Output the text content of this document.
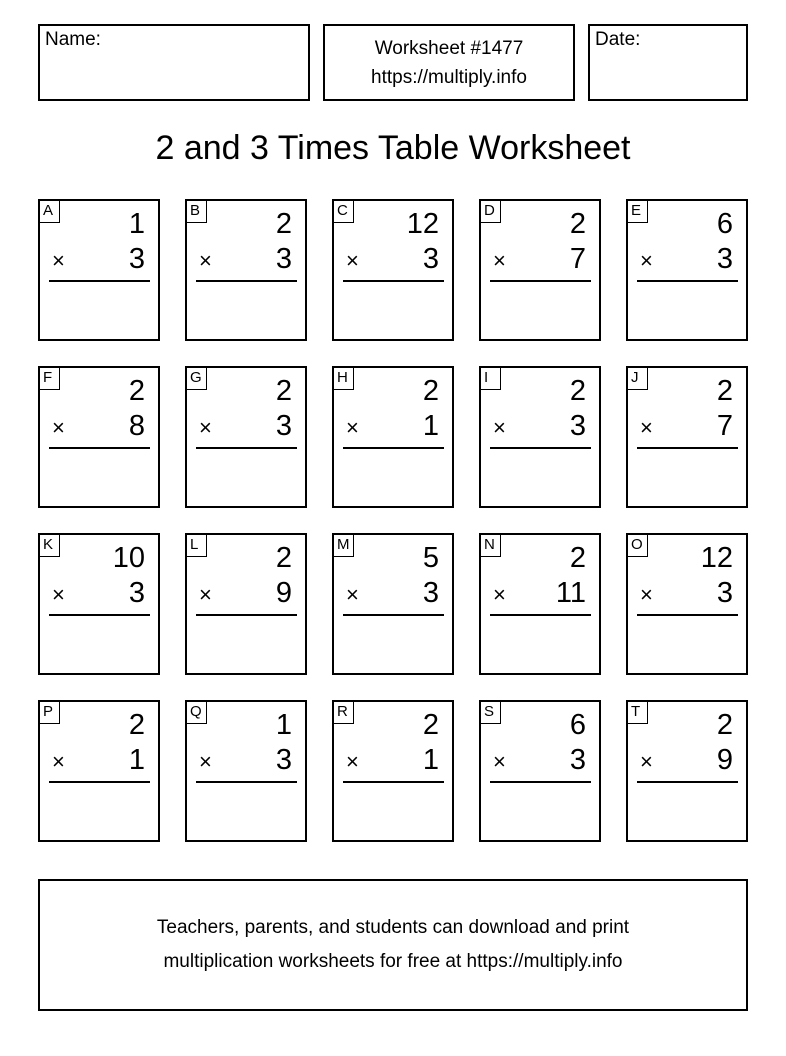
Name:	Worksheet #1477
https://multiply.info
Date:
2 and 3 Times Table Worksheet
A	1
× 3
B	2
× 3
C 12
× 3
D	2
× 7
E	6
× 3
F	2
× 8
G	2
× 3
H	2
× 1
I	2
× 3
J	2
× 7
K 10
× 3
L	2
× 9
M	5
× 3
N	2
× 11
O 12
× 3
P	2
× 1
Q	1
× 3
R	2
× 1
S	6
× 3
T	2
× 9
Teachers, parents, and students can download and print
multiplication worksheets for free at https://multiply.info
